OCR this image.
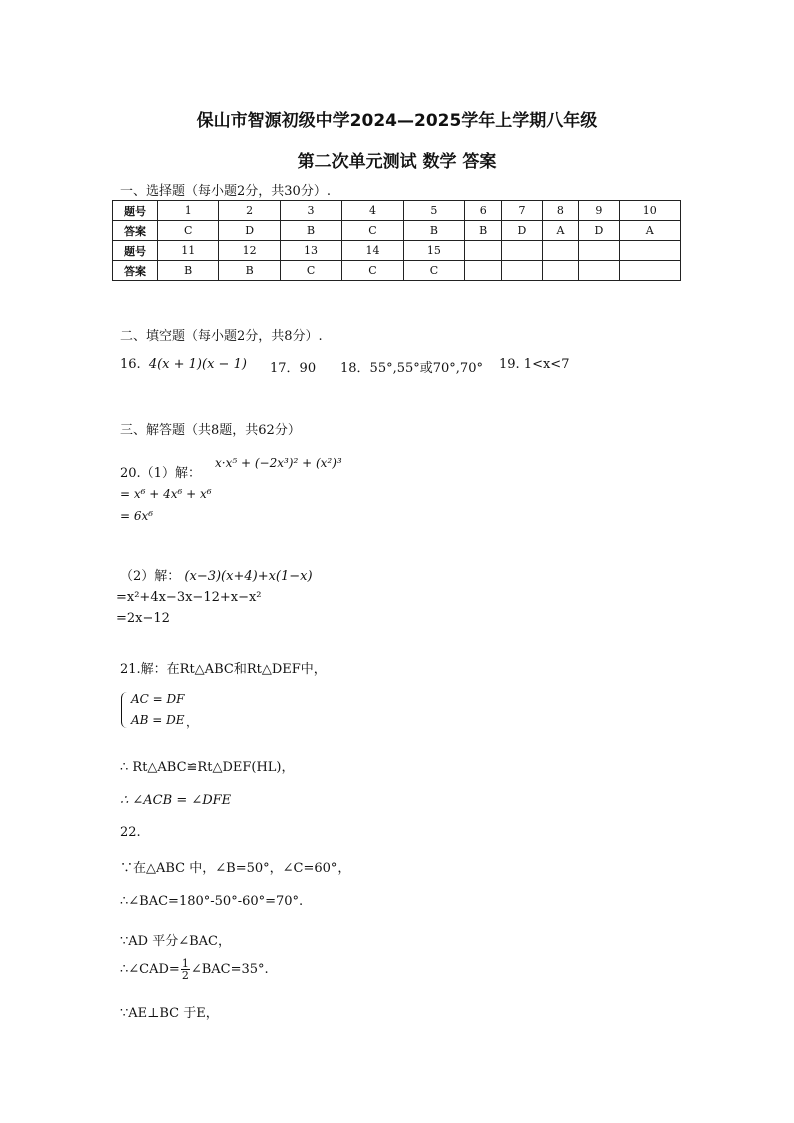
保山市智源初级中学2024—2025学年上学期八年级
第二次单元测试 数学 答案
一、选择题（每小题2分，共30分）.
题号	1	2	3	4	5	6	7	8	9	10
答案	C	D	B	C	B	B	D	A	D	A
题号	11	12	13	14	15					
答案	B	B	C	C	C					
二、填空题（每小题2分，共8分）.
16. 4(x + 1)(x − 1) 17．90 18．55°,55°或70°,70° 19. 1<x<7
三、解答题（共8题，共62分）
20.（1）解：
x·x⁵ + (−2x³)² + (x²)³
= x⁶ + 4x⁶ + x⁶
= 6x⁶
（2）解： (x−3)(x+4)+x(1−x)
=x²+4x−3x−12+x−x²
=2x−12
21.解：在Rt△ABC和Rt△DEF中，
AC = DF
AB = DE ，
∴ Rt△ABC≌Rt△DEF(HL)，
∴ ∠ACB = ∠DFE
22.
∵在△ABC 中，∠B=50°，∠C=60°，
∴∠BAC=180°-50°-60°=70°.
∵AD 平分∠BAC，
∴∠CAD= $\frac{1}{2}$ ∠BAC=35°.
∵AE⊥BC 于E，
